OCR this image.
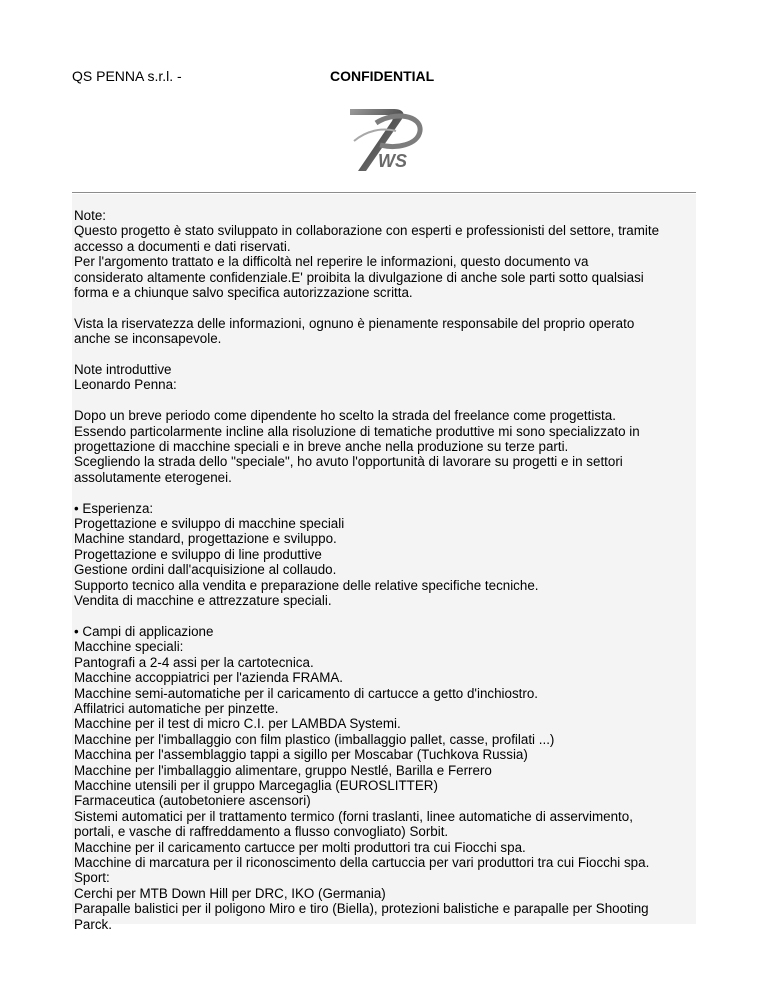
QS PENNA s.r.l. -	CONFIDENTIAL
WS
Note:
Questo progetto è stato sviluppato in collaborazione con esperti e professionisti del settore, tramite
accesso a documenti e dati riservati.
Per l'argomento trattato e la difficoltà nel reperire le informazioni, questo documento va
considerato altamente confidenziale.E' proibita la divulgazione di anche sole parti sotto qualsiasi
forma e a chiunque salvo specifica autorizzazione scritta.
Vista la riservatezza delle informazioni, ognuno è pienamente responsabile del proprio operato
anche se inconsapevole.
Note introduttive
Leonardo Penna:
Dopo un breve periodo come dipendente ho scelto la strada del freelance come progettista.
Essendo particolarmente incline alla risoluzione di tematiche produttive mi sono specializzato in
progettazione di macchine speciali e in breve anche nella produzione su terze parti.
Scegliendo la strada dello "speciale", ho avuto l'opportunità di lavorare su progetti e in settori
assolutamente eterogenei.
• Esperienza:
Progettazione e sviluppo di macchine speciali
Machine standard, progettazione e sviluppo.
Progettazione e sviluppo di line produttive
Gestione ordini dall'acquisizione al collaudo.
Supporto tecnico alla vendita e preparazione delle relative specifiche tecniche.
Vendita di macchine e attrezzature speciali.
• Campi di applicazione
Macchine speciali:
Pantografi a 2-4 assi per la cartotecnica.
Macchine accoppiatrici per l'azienda FRAMA.
Macchine semi-automatiche per il caricamento di cartucce a getto d'inchiostro.
Affilatrici automatiche per pinzette.
Macchine per il test di micro C.I. per LAMBDA Systemi.
Macchine per l'imballaggio con film plastico (imballaggio pallet, casse, profilati ...)
Macchina per l'assemblaggio tappi a sigillo per Moscabar (Tuchkova Russia)
Macchine per l'imballaggio alimentare, gruppo Nestlé, Barilla e Ferrero
Macchine utensili per il gruppo Marcegaglia (EUROSLITTER)
Farmaceutica (autobetoniere ascensori)
Sistemi automatici per il trattamento termico (forni traslanti, linee automatiche di asservimento,
portali, e vasche di raffreddamento a flusso convogliato) Sorbit.
Macchine per il caricamento cartucce per molti produttori tra cui Fiocchi spa.
Macchine di marcatura per il riconoscimento della cartuccia per vari produttori tra cui Fiocchi spa.
Sport:
Cerchi per MTB Down Hill per DRC, IKO (Germania)
Parapalle balistici per il poligono Miro e tiro (Biella), protezioni balistiche e parapalle per Shooting
Parck.
